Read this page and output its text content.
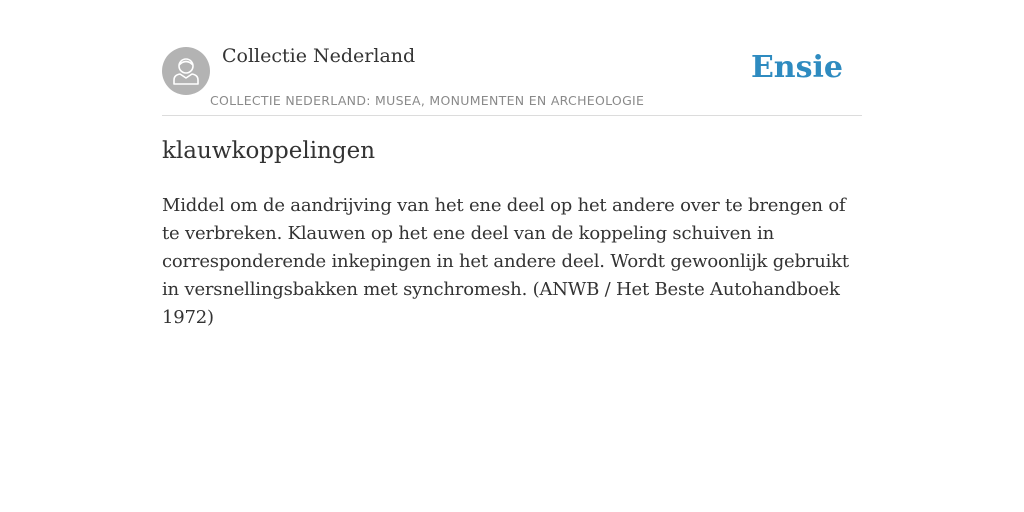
Collectie Nederland
COLLECTIE NEDERLAND: MUSEA, MONUMENTEN EN ARCHEOLOGIE
Ensie
klauwkoppelingen

Middel om de aandrijving van het ene deel op het andere over te brengen of te verbreken. Klauwen op het ene deel van de koppeling schuiven in corresponderende inkepingen in het andere deel. Wordt gewoonlijk gebruikt in versnellingsbakken met synchromesh. (ANWB / Het Beste Autohandboek 1972)
